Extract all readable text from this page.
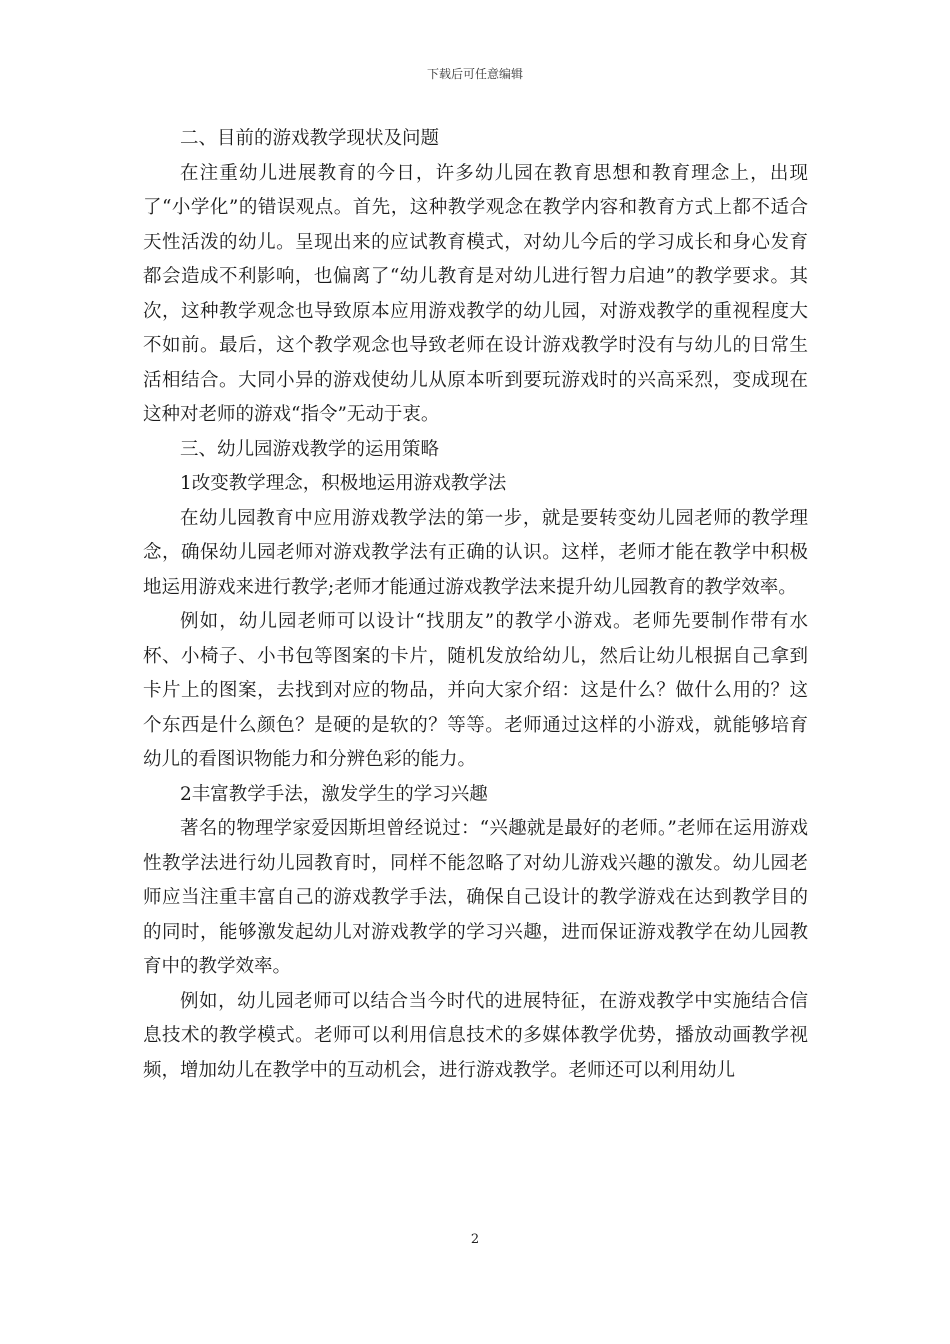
下载后可任意编辑

二、目前的游戏教学现状及问题

在注重幼儿进展教育的今日，许多幼儿园在教育思想和教育理念上，出现了“小学化”的错误观点。首先，这种教学观念在教学内容和教育方式上都不适合天性活泼的幼儿。呈现出来的应试教育模式，对幼儿今后的学习成长和身心发育都会造成不利影响，也偏离了“幼儿教育是对幼儿进行智力启迪”的教学要求。其次，这种教学观念也导致原本应用游戏教学的幼儿园，对游戏教学的重视程度大不如前。最后，这个教学观念也导致老师在设计游戏教学时没有与幼儿的日常生活相结合。大同小异的游戏使幼儿从原本听到要玩游戏时的兴高采烈，变成现在这种对老师的游戏“指令”无动于衷。

三、幼儿园游戏教学的运用策略

1改变教学理念，积极地运用游戏教学法

在幼儿园教育中应用游戏教学法的第一步，就是要转变幼儿园老师的教学理念，确保幼儿园老师对游戏教学法有正确的认识。这样，老师才能在教学中积极地运用游戏来进行教学;老师才能通过游戏教学法来提升幼儿园教育的教学效率。

例如，幼儿园老师可以设计“找朋友”的教学小游戏。老师先要制作带有水杯、小椅子、小书包等图案的卡片，随机发放给幼儿，然后让幼儿根据自己拿到卡片上的图案，去找到对应的物品，并向大家介绍：这是什么？做什么用的？这个东西是什么颜色？是硬的是软的？等等。老师通过这样的小游戏，就能够培育幼儿的看图识物能力和分辨色彩的能力。

2丰富教学手法，激发学生的学习兴趣

著名的物理学家爱因斯坦曾经说过：“兴趣就是最好的老师。”老师在运用游戏性教学法进行幼儿园教育时，同样不能忽略了对幼儿游戏兴趣的激发。幼儿园老师应当注重丰富自己的游戏教学手法，确保自己设计的教学游戏在达到教学目的的同时，能够激发起幼儿对游戏教学的学习兴趣，进而保证游戏教学在幼儿园教育中的教学效率。

例如，幼儿园老师可以结合当今时代的进展特征，在游戏教学中实施结合信息技术的教学模式。老师可以利用信息技术的多媒体教学优势，播放动画教学视频，增加幼儿在教学中的互动机会，进行游戏教学。老师还可以利用幼儿

2
